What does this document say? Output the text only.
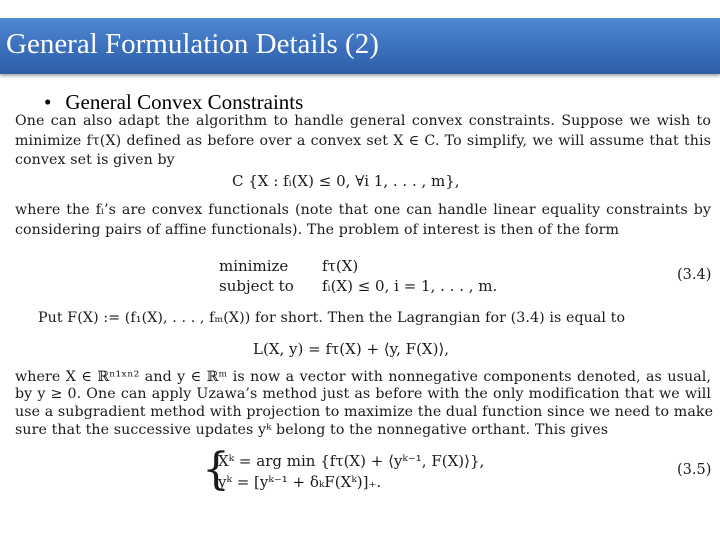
General Formulation Details (2)
• General Convex Constraints
One can also adapt the algorithm to handle general convex constraints. Suppose we wish to
minimize fτ(X) defined as before over a convex set X ∈ C. To simplify, we will assume that this
convex set is given by
C {X : fᵢ(X) ≤ 0, ∀i 1, . . . , m},
where the fᵢ’s are convex functionals (note that one can handle linear equality constraints by
considering pairs of affine functionals). The problem of interest is then of the form
minimize fτ(X)
subject to fᵢ(X) ≤ 0, i = 1, . . . , m.
(3.4)
Put F(X) := (f₁(X), . . . , fₘ(X)) for short. Then the Lagrangian for (3.4) is equal to
L(X, y) = fτ(X) + ⟨y, F(X)⟩,
where X ∈ ℝⁿ¹ˣⁿ² and y ∈ ℝᵐ is now a vector with nonnegative components denoted, as usual,
by y ≥ 0. One can apply Uzawa’s method just as before with the only modification that we will
use a subgradient method with projection to maximize the dual function since we need to make
sure that the successive updates yᵏ belong to the nonnegative orthant. This gives
{
Xᵏ = arg min {fτ(X) + ⟨yᵏ⁻¹, F(X)⟩},
yᵏ = [yᵏ⁻¹ + δₖF(Xᵏ)]₊.
(3.5)
